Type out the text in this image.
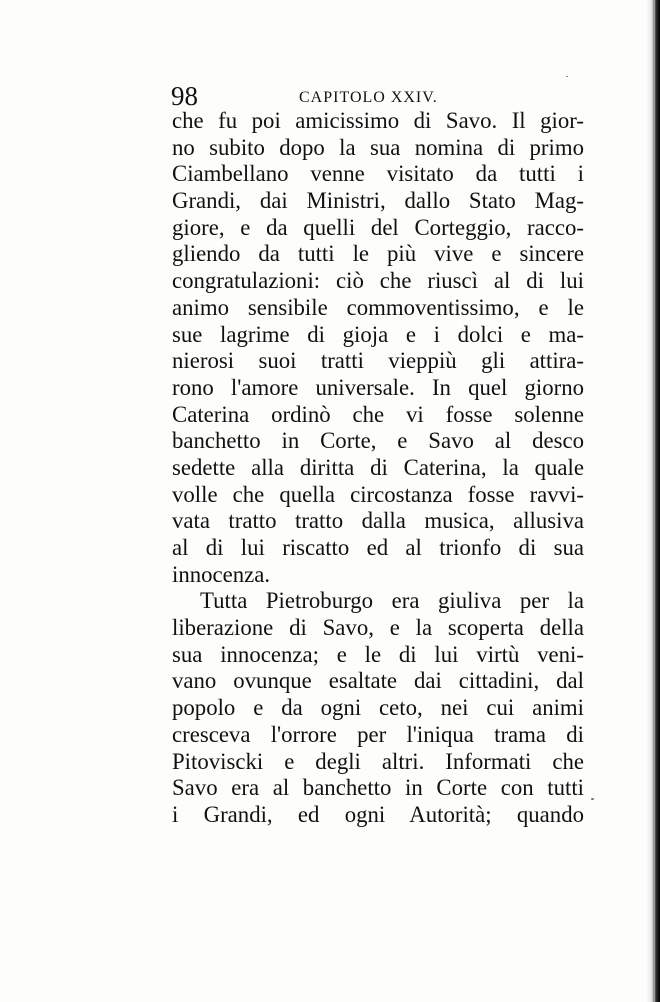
98	CAPITOLO XXIV.
che fu poi amicissimo di Savo. Il gior-
no subito dopo la sua nomina di primo
Ciambellano venne visitato da tutti i
Grandi, dai Ministri, dallo Stato Mag-
giore, e da quelli del Corteggio, racco-
gliendo da tutti le più vive e sincere
congratulazioni: ciò che riuscì al di lui
animo sensibile commoventissimo, e le
sue lagrime di gioja e i dolci e ma-
nierosi suoi tratti vieppiù gli attira-
rono l'amore universale. In quel giorno
Caterina ordinò che vi fosse solenne
banchetto in Corte, e Savo al desco
sedette alla diritta di Caterina, la quale
volle che quella circostanza fosse ravvi-
vata tratto tratto dalla musica, allusiva
al di lui riscatto ed al trionfo di sua
innocenza.
Tutta Pietroburgo era giuliva per la
liberazione di Savo, e la scoperta della
sua innocenza; e le di lui virtù veni-
vano ovunque esaltate dai cittadini, dal
popolo e da ogni ceto, nei cui animi
cresceva l'orrore per l'iniqua trama di
Pitoviscki e degli altri. Informati che
Savo era al banchetto in Corte con tutti
i Grandi, ed ogni Autorità; quando
